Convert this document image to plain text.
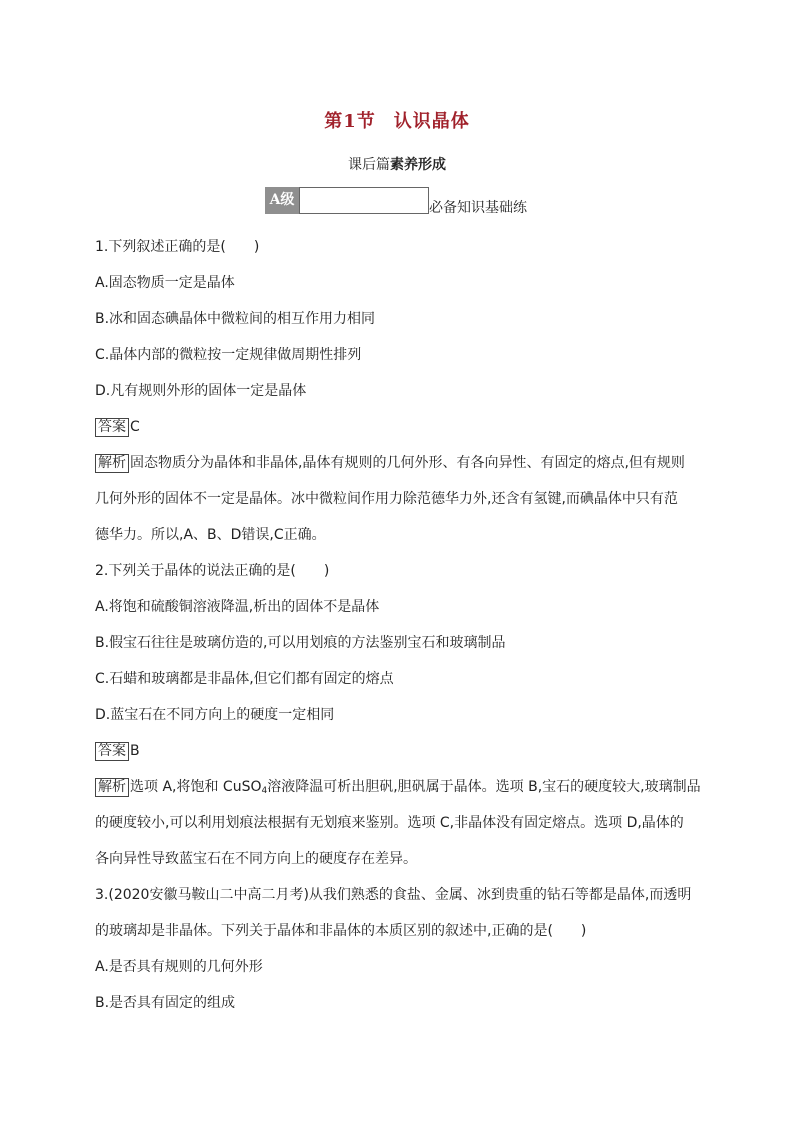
第1节 认识晶体
课后篇素养形成
A级	必备知识基础练
1.下列叙述正确的是(　　)
A.固态物质一定是晶体
B.冰和固态碘晶体中微粒间的相互作用力相同
C.晶体内部的微粒按一定规律做周期性排列
D.凡有规则外形的固体一定是晶体
答案 C
解析 固态物质分为晶体和非晶体,晶体有规则的几何外形、有各向异性、有固定的熔点,但有规则
几何外形的固体不一定是晶体。冰中微粒间作用力除范德华力外,还含有氢键,而碘晶体中只有范
德华力。所以,A、B、D错误,C正确。
2.下列关于晶体的说法正确的是(　　)
A.将饱和硫酸铜溶液降温,析出的固体不是晶体
B.假宝石往往是玻璃仿造的,可以用划痕的方法鉴别宝石和玻璃制品
C.石蜡和玻璃都是非晶体,但它们都有固定的熔点
D.蓝宝石在不同方向上的硬度一定相同
答案 B
解析 选项 A,将饱和 CuSO$_4$溶液降温可析出胆矾,胆矾属于晶体。选项 B,宝石的硬度较大,玻璃制品
的硬度较小,可以利用划痕法根据有无划痕来鉴别。选项 C,非晶体没有固定熔点。选项 D,晶体的
各向异性导致蓝宝石在不同方向上的硬度存在差异。
3.(2020安徽马鞍山二中高二月考)从我们熟悉的食盐、金属、冰到贵重的钻石等都是晶体,而透明
的玻璃却是非晶体。下列关于晶体和非晶体的本质区别的叙述中,正确的是(　　)
A.是否具有规则的几何外形
B.是否具有固定的组成
